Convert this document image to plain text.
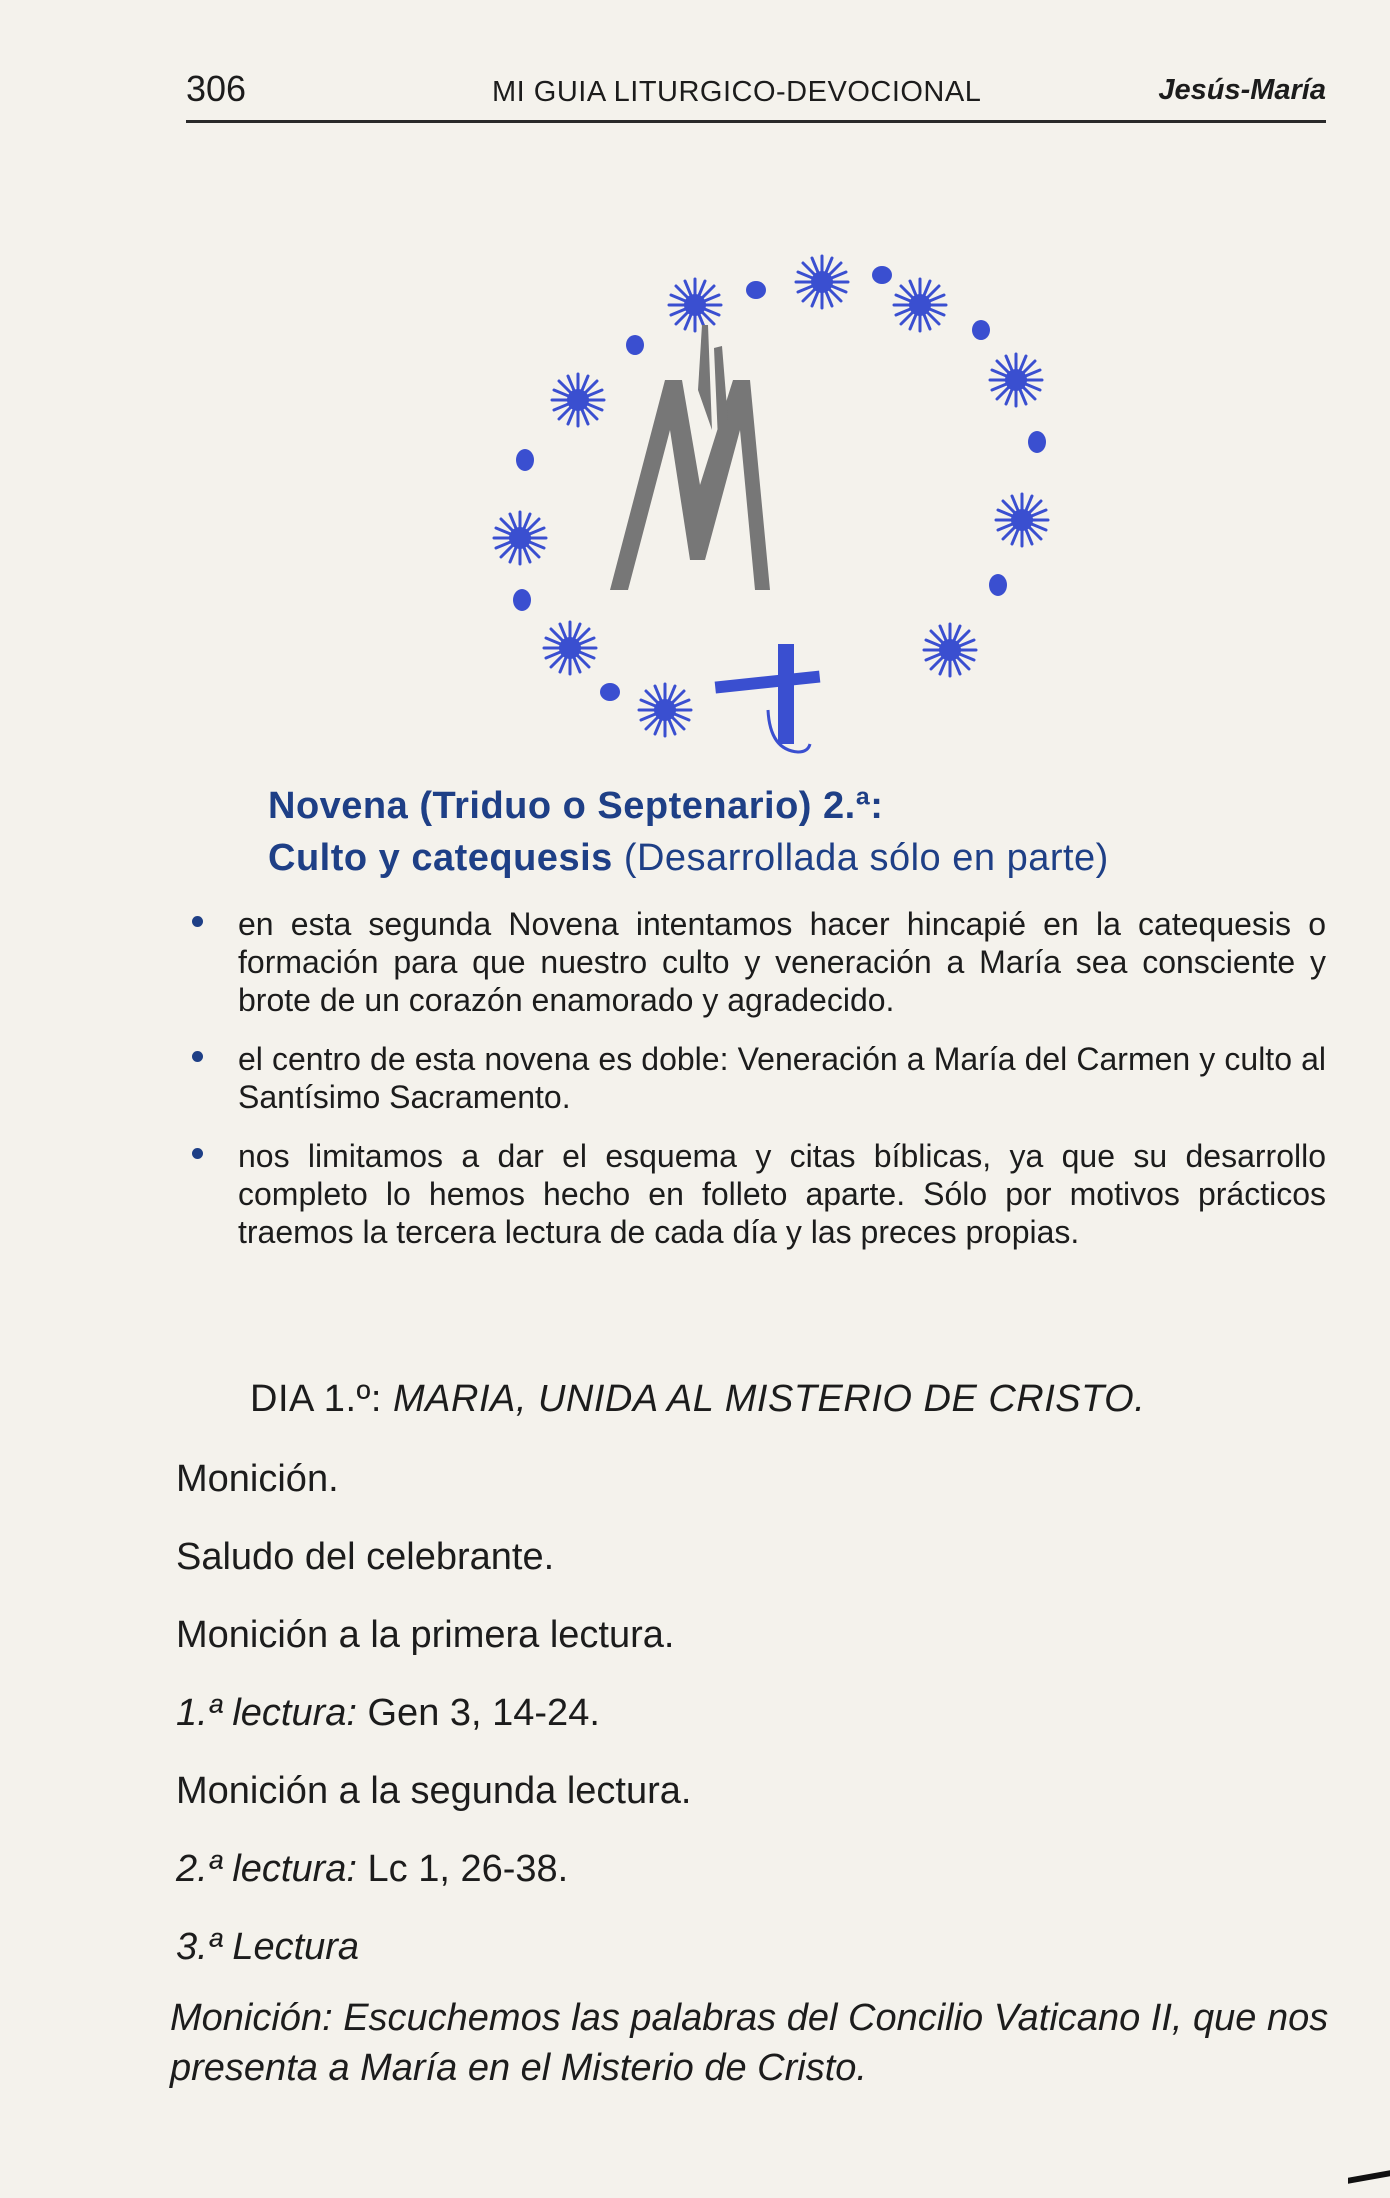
306	MI GUIA LITURGICO-DEVOCIONAL	Jesús-María
Novena (Triduo o Septenario) 2.ª:
Culto y catequesis (Desarrollada sólo en parte)
en esta segunda Novena intentamos hacer hincapié en la catequesis o formación para que nuestro culto y veneración a María sea consciente y brote de un corazón enamorado y agradecido.
el centro de esta novena es doble: Veneración a María del Carmen y culto al Santísimo Sacramento.
nos limitamos a dar el esquema y citas bíblicas, ya que su desarrollo completo lo hemos hecho en folleto aparte. Sólo por motivos prácticos traemos la tercera lectura de cada día y las preces propias.
DIA 1.º: MARIA, UNIDA AL MISTERIO DE CRISTO.
Monición.
Saludo del celebrante.
Monición a la primera lectura.
1.ª lectura: Gen 3, 14-24.
Monición a la segunda lectura.
2.ª lectura: Lc 1, 26-38.
3.ª Lectura
Monición: Escuchemos las palabras del Concilio Vaticano II, que nos presenta a María en el Misterio de Cristo.
